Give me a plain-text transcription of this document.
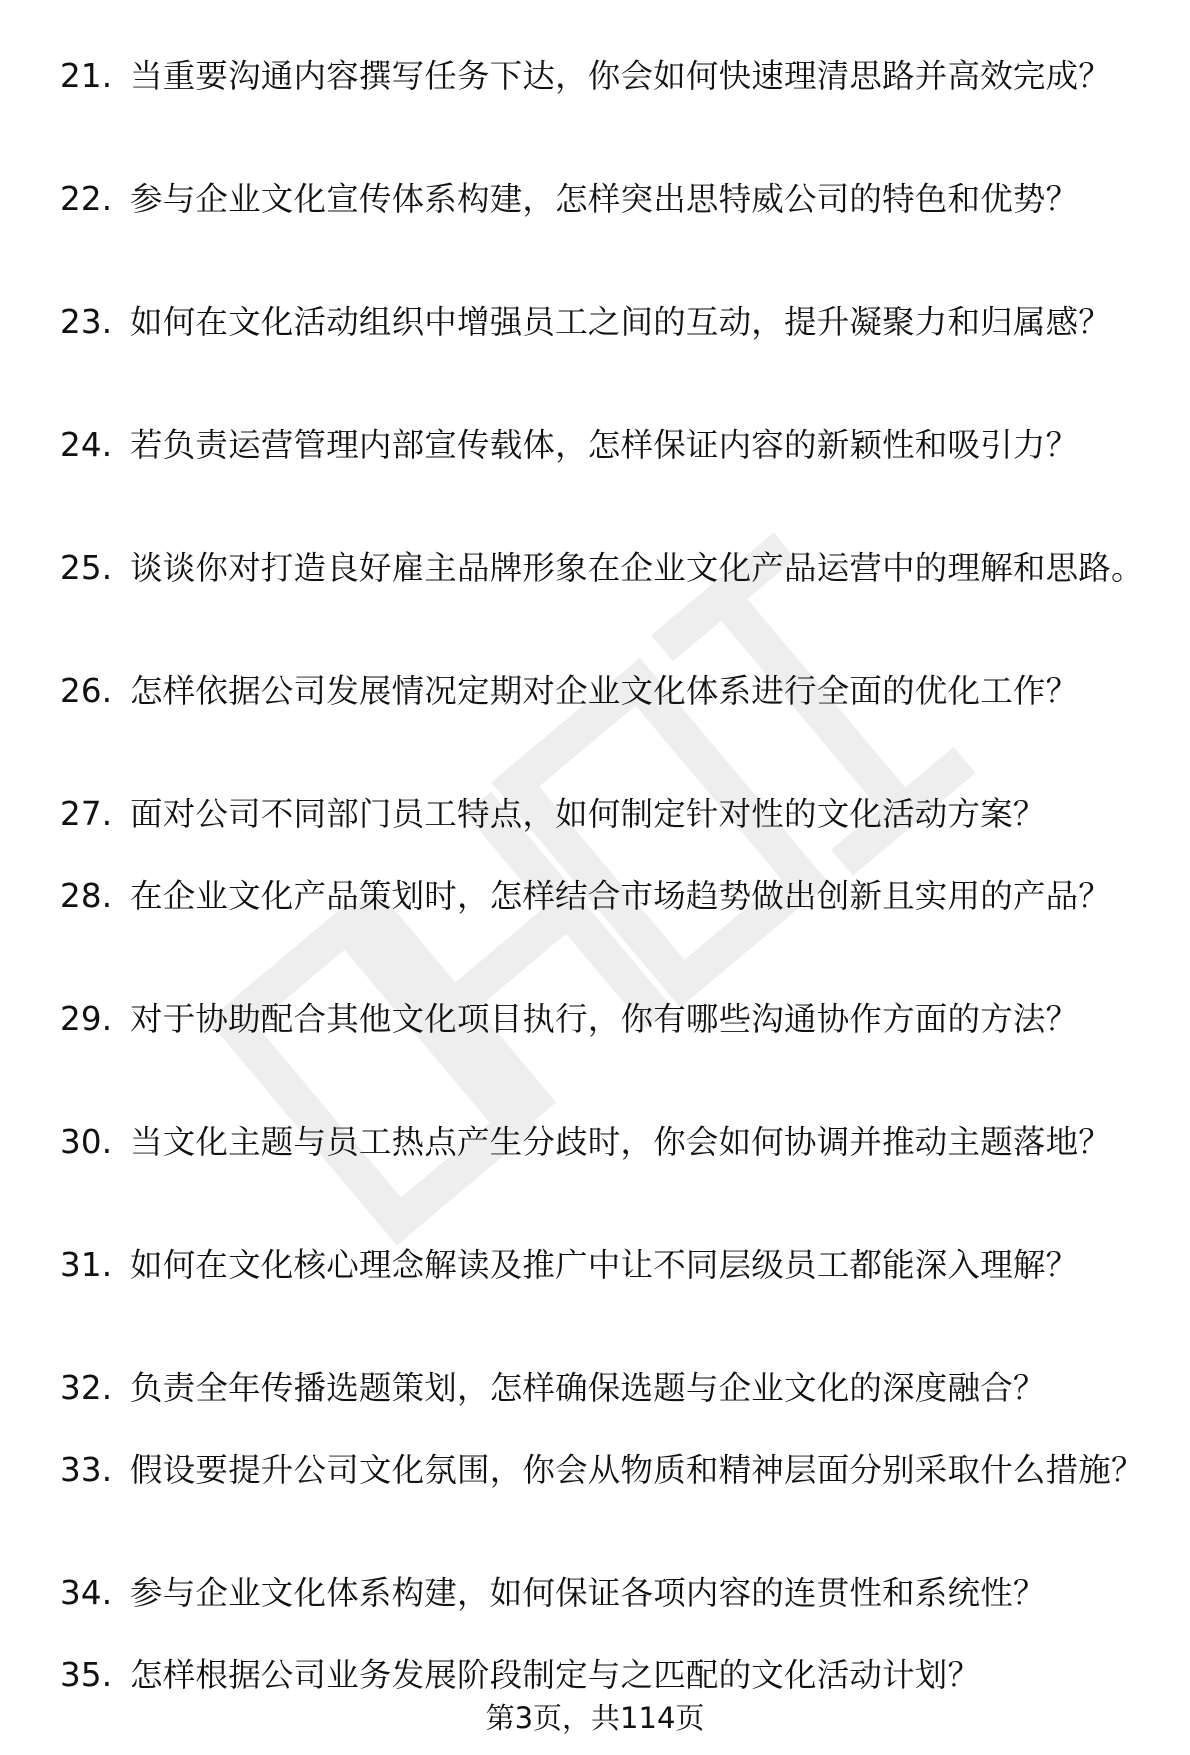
21. 当重要沟通内容撰写任务下达，你会如何快速理清思路并高效完成？
22. 参与企业文化宣传体系构建，怎样突出思特威公司的特色和优势？
23. 如何在文化活动组织中增强员工之间的互动，提升凝聚力和归属感？
24. 若负责运营管理内部宣传载体，怎样保证内容的新颖性和吸引力？
25. 谈谈你对打造良好雇主品牌形象在企业文化产品运营中的理解和思路。
26. 怎样依据公司发展情况定期对企业文化体系进行全面的优化工作？
27. 面对公司不同部门员工特点，如何制定针对性的文化活动方案？
28. 在企业文化产品策划时，怎样结合市场趋势做出创新且实用的产品？
29. 对于协助配合其他文化项目执行，你有哪些沟通协作方面的方法？
30. 当文化主题与员工热点产生分歧时，你会如何协调并推动主题落地？
31. 如何在文化核心理念解读及推广中让不同层级员工都能深入理解？
32. 负责全年传播选题策划，怎样确保选题与企业文化的深度融合？
33. 假设要提升公司文化氛围，你会从物质和精神层面分别采取什么措施？
34. 参与企业文化体系构建，如何保证各项内容的连贯性和系统性？
35. 怎样根据公司业务发展阶段制定与之匹配的文化活动计划？
第3页，共114页
